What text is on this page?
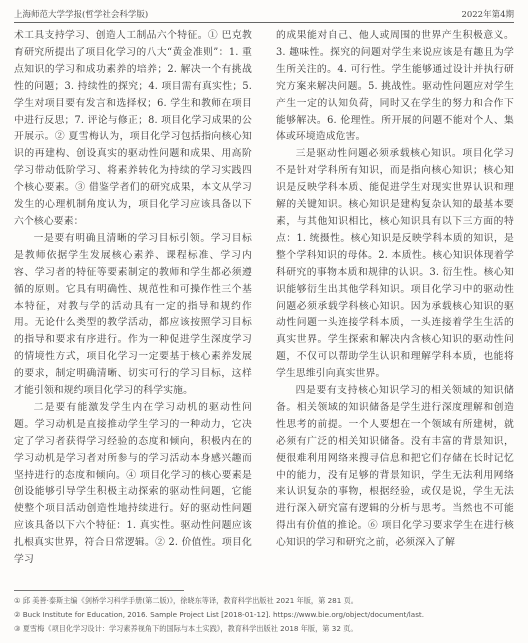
上海师范大学学报(哲学社会科学版)	2022年第4期

术工具支持学习、创造人工制品六个特征。① 巴克教育研究所提出了项目化学习的八大“黄金准则”：1. 重点知识的学习和成功素养的培养；2. 解决一个有挑战性的问题；3. 持续性的探究；4. 项目需有真实性；5. 学生对项目要有发言和选择权；6. 学生和教师在项目中进行反思；7. 评论与修正；8. 项目化学习成果的公开展示。② 夏雪梅认为，项目化学习包括指向核心知识的再建构、创设真实的驱动性问题和成果、用高阶学习带动低阶学习、将素养转化为持续的学习实践四个核心要素。③ 借鉴学者们的研究成果，本文从学习发生的心理机制角度认为，项目化学习应该具备以下六个核心要素：

一是要有明确且清晰的学习目标引领。学习目标是教师依据学生发展核心素养、课程标准、学习内容、学习者的特征等要素制定的教师和学生都必须遵循的原则。它具有明确性、规范性和可操作性三个基本特征，对教与学的活动具有一定的指导和规约作用。无论什么类型的教学活动，都应该按照学习目标的指导和要求有序进行。作为一种促进学生深度学习的情境性方式，项目化学习一定要基于核心素养发展的要求，制定明确清晰、切实可行的学习目标，这样才能引领和规约项目化学习的科学实施。

二是要有能激发学生内在学习动机的驱动性问题。学习动机是直接推动学生学习的一种动力，它决定了学习者获得学习经验的态度和倾向，积极内在的学习动机是学习者对所参与的学习活动本身感兴趣而坚持进行的态度和倾向。④ 项目化学习的核心要素是创设能够引导学生积极主动探索的驱动性问题，它能使整个项目活动创造性地持续进行。好的驱动性问题应该具备以下六个特征：1. 真实性。驱动性问题应该扎根真实世界，符合日常逻辑。② 2. 价值性。项目化学习

的成果能对自己、他人或周围的世界产生积极意义。3. 趣味性。探究的问题对学生来说应该是有趣且为学生所关注的。4. 可行性。学生能够通过设计并执行研究方案来解决问题。5. 挑战性。驱动性问题应对学生产生一定的认知负荷，同时又在学生的努力和合作下能够解决。6. 伦理性。所开展的问题不能对个人、集体或环境造成危害。

三是驱动性问题必须承载核心知识。项目化学习不是针对学科所有知识，而是指向核心知识；核心知识是反映学科本质、能促进学生对现实世界认识和理解的关键知识。核心知识是建构复杂认知的最基本要素，与其他知识相比，核心知识具有以下三方面的特点：1. 统摄性。核心知识是反映学科本质的知识，是整个学科知识的母体。2. 本质性。核心知识体现着学科研究的事物本质和规律的认识。3. 衍生性。核心知识能够衍生出其他学科知识。项目化学习中的驱动性问题必须承载学科核心知识。因为承载核心知识的驱动性问题一头连接学科本质，一头连接着学生生活的真实世界。学生探索和解决内含核心知识的驱动性问题，不仅可以帮助学生认识和理解学科本质，也能将学生思维引向真实世界。

四是要有支持核心知识学习的相关领域的知识储备。相关领域的知识储备是学生进行深度理解和创造性思考的前提。一个人要想在一个领域有所建树，就必须有广泛的相关知识储备。没有丰富的背景知识，便很难利用网络来搜寻信息和把它们存储在长时记忆中的能力，没有足够的背景知识，学生无法利用网络来认识复杂的事物，根据经验，或仅是说，学生无法进行深入研究富有逻辑的分析与思考。当然也不可能得出有价值的推论。⑥ 项目化学习要求学生在进行核心知识的学习和研究之前，必须深入了解

① 邱 美善·泰斯主编《剑桥学习科学手册(第二版)》，徐晓东等译，教育科学出版社 2021 年版，第 281 页。
② Buck Institute for Education, 2016. Sample Project List [2018-01-12]. https://www.bie.org/object/document/last.
③ 夏雪梅《项目化学习设计：学习素养视角下的国际与本土实践》，教育科学出版社 2018 年版，第 32 页。
